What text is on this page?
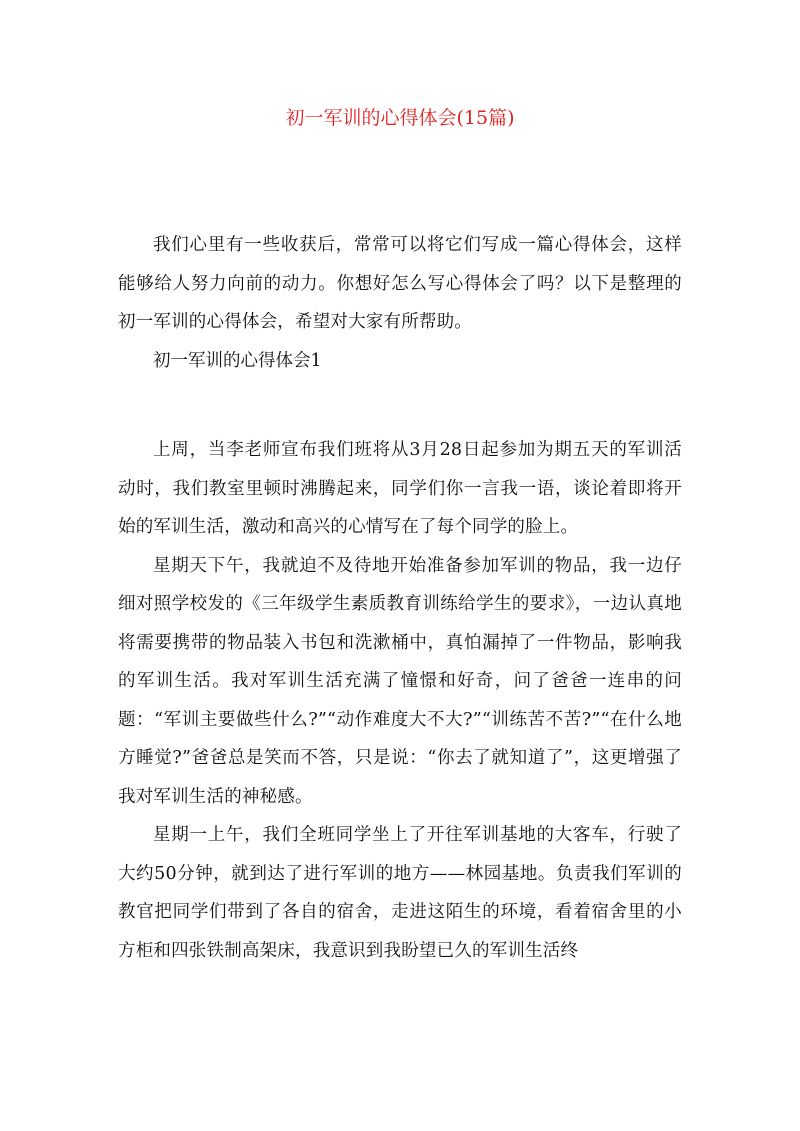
初一军训的心得体会(15篇)

我们心里有一些收获后，常常可以将它们写成一篇心得体会，这样能够给人努力向前的动力。你想好怎么写心得体会了吗？以下是整理的初一军训的心得体会，希望对大家有所帮助。

初一军训的心得体会1

上周，当李老师宣布我们班将从3月28日起参加为期五天的军训活动时，我们教室里顿时沸腾起来，同学们你一言我一语，谈论着即将开始的军训生活，激动和高兴的心情写在了每个同学的脸上。

星期天下午，我就迫不及待地开始准备参加军训的物品，我一边仔细对照学校发的《三年级学生素质教育训练给学生的要求》，一边认真地将需要携带的物品装入书包和洗漱桶中，真怕漏掉了一件物品，影响我的军训生活。我对军训生活充满了憧憬和好奇，问了爸爸一连串的问题：“军训主要做些什么?”“动作难度大不大?”“训练苦不苦?”“在什么地方睡觉?”爸爸总是笑而不答，只是说：“你去了就知道了”，这更增强了我对军训生活的神秘感。

星期一上午，我们全班同学坐上了开往军训基地的大客车，行驶了大约50分钟，就到达了进行军训的地方——林园基地。负责我们军训的教官把同学们带到了各自的宿舍，走进这陌生的环境，看着宿舍里的小方柜和四张铁制高架床，我意识到我盼望已久的军训生活终
